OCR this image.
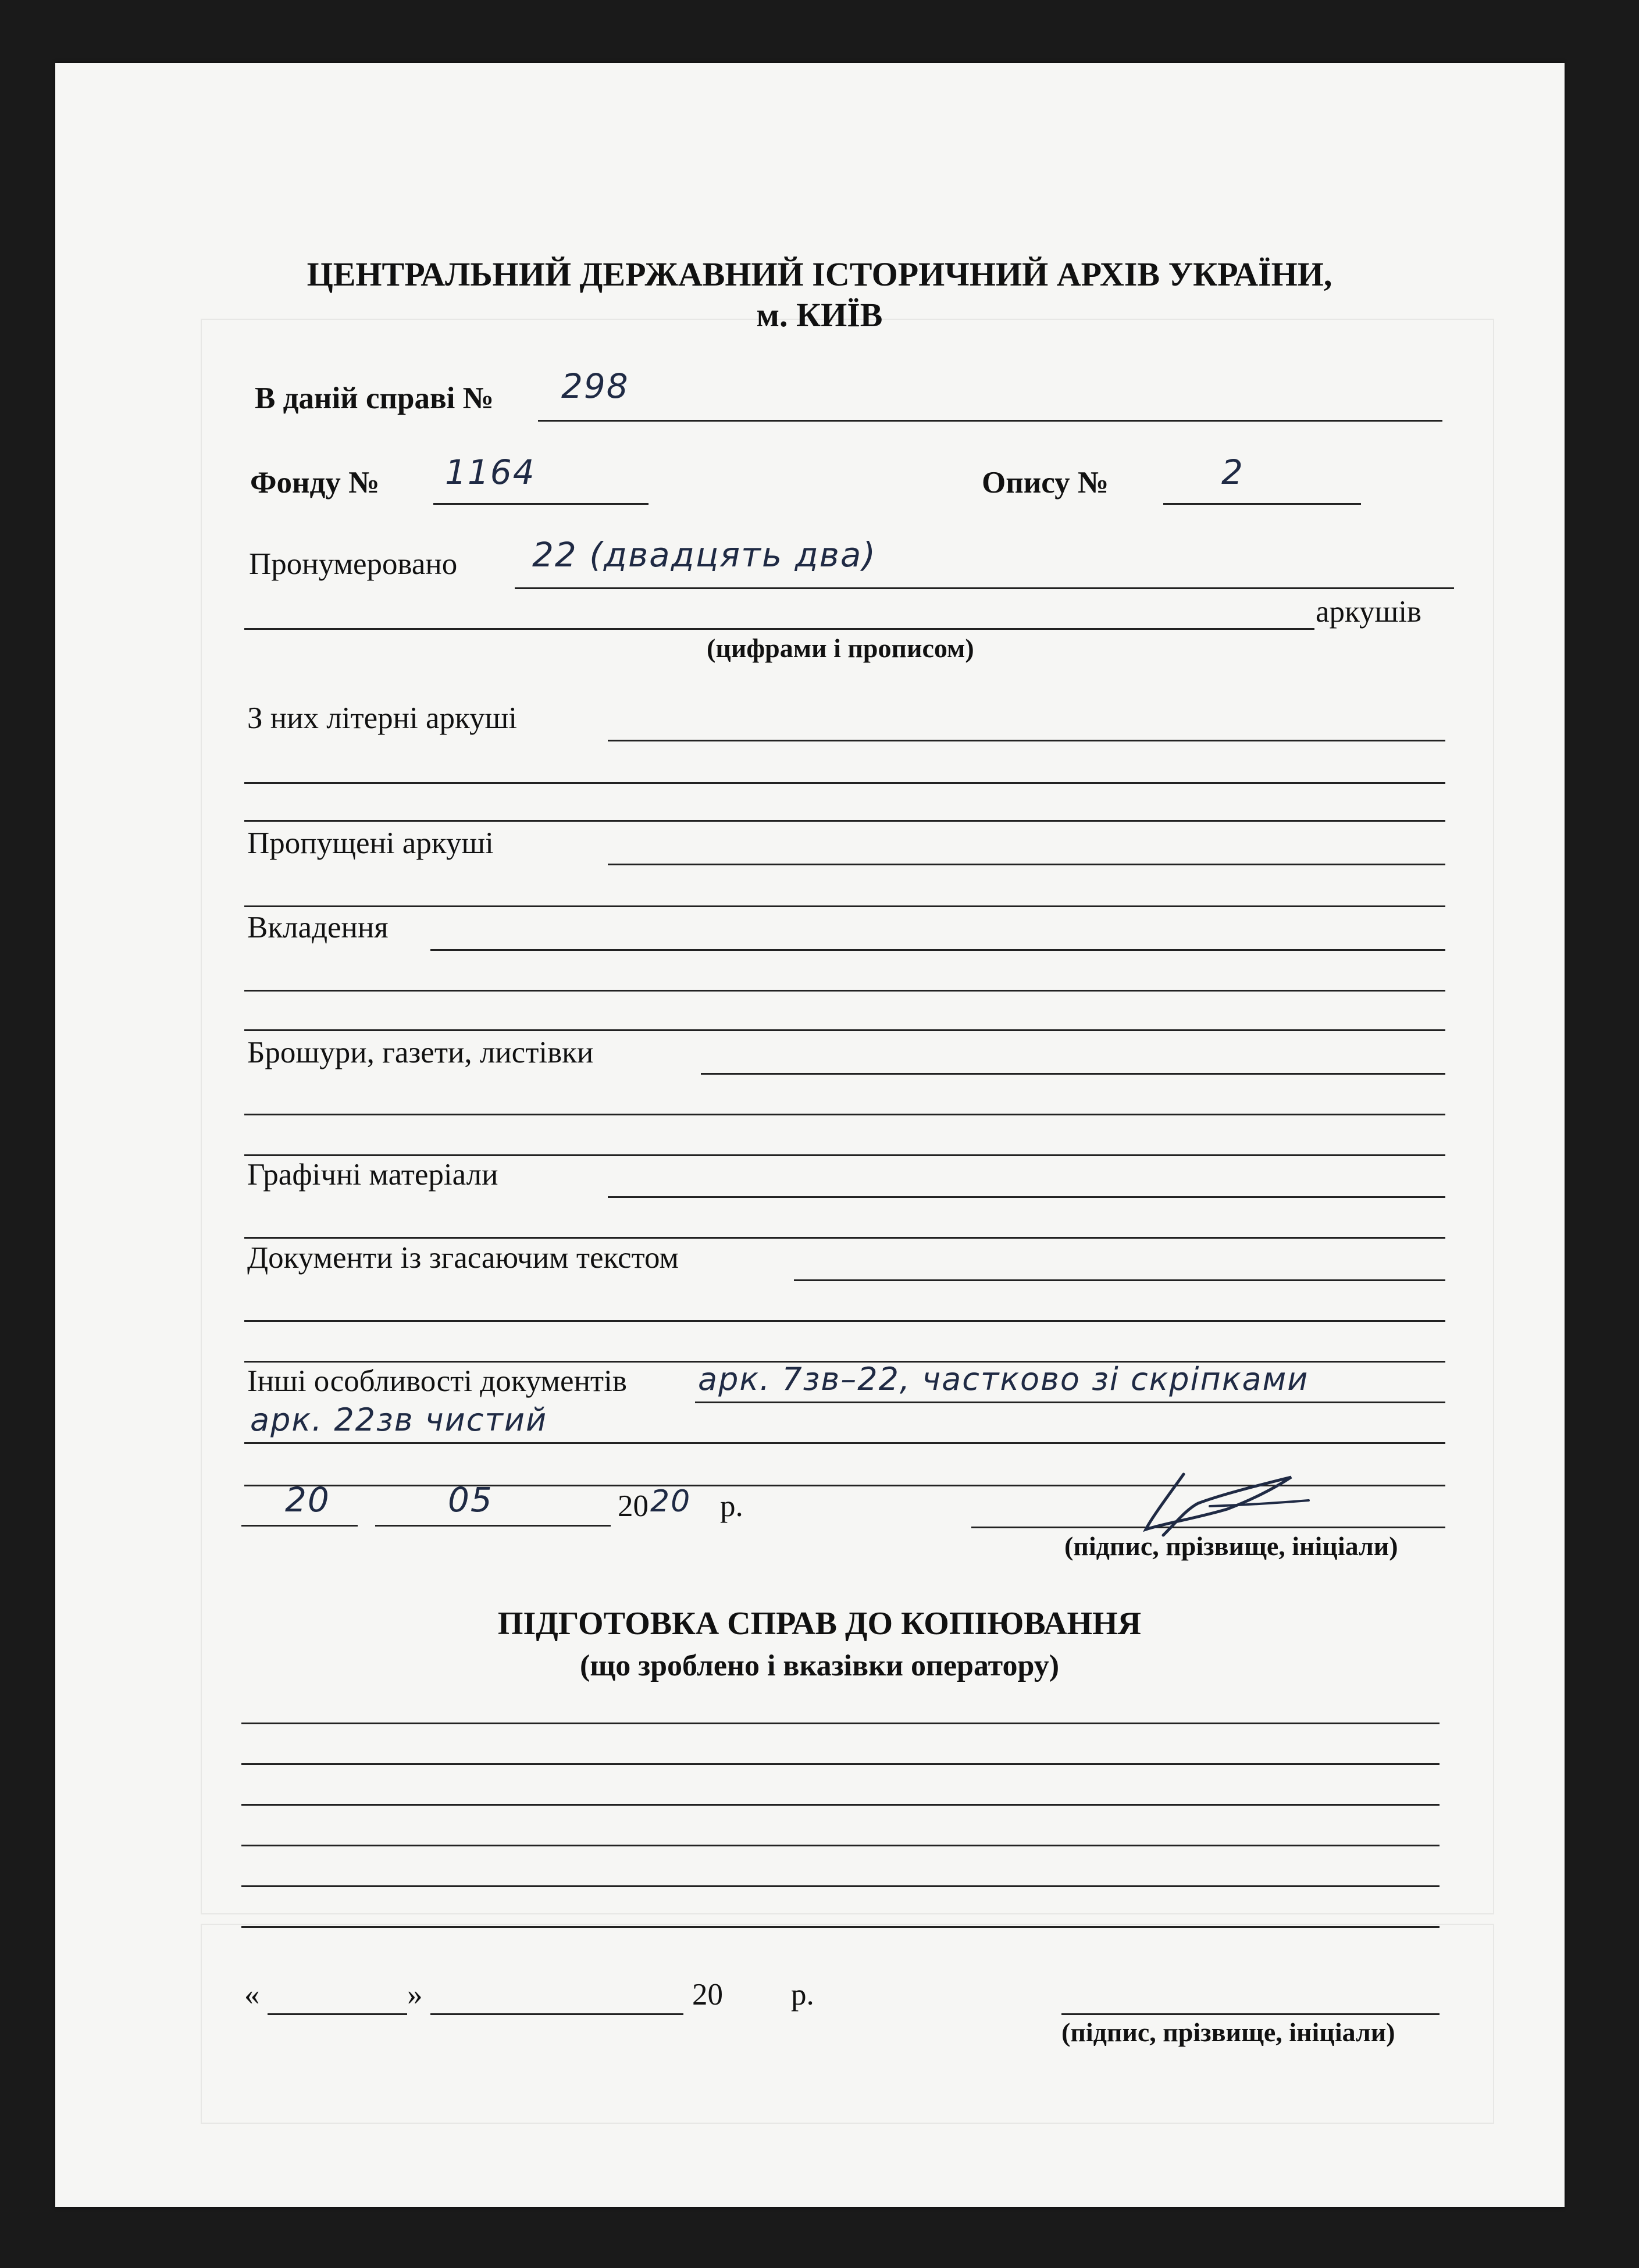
ЦЕНТРАЛЬНИЙ ДЕРЖАВНИЙ ІСТОРИЧНИЙ АРХІВ УКРАЇНИ,
м. КИЇВ
В даній справі № 298
Фонду № 1164	Опису №	2
Пронумеровано 22 (двадцять два)
аркушів
(цифрами і прописом)
З них літерні аркуші
Пропущені аркуші
Вкладення
Брошури, газети, листівки
Графічні матеріали
Документи із згасаючим текстом
Інші особливості документів арк. 7зв–22, частково зі скріпками
арк. 22зв чистий
20	05	20 20 р.
(підпис, прізвище, ініціали)
ПІДГОТОВКА СПРАВ ДО КОПІЮВАННЯ
(що зроблено і вказівки оператору)
«	»	20 р.
(підпис, прізвище, ініціали)
